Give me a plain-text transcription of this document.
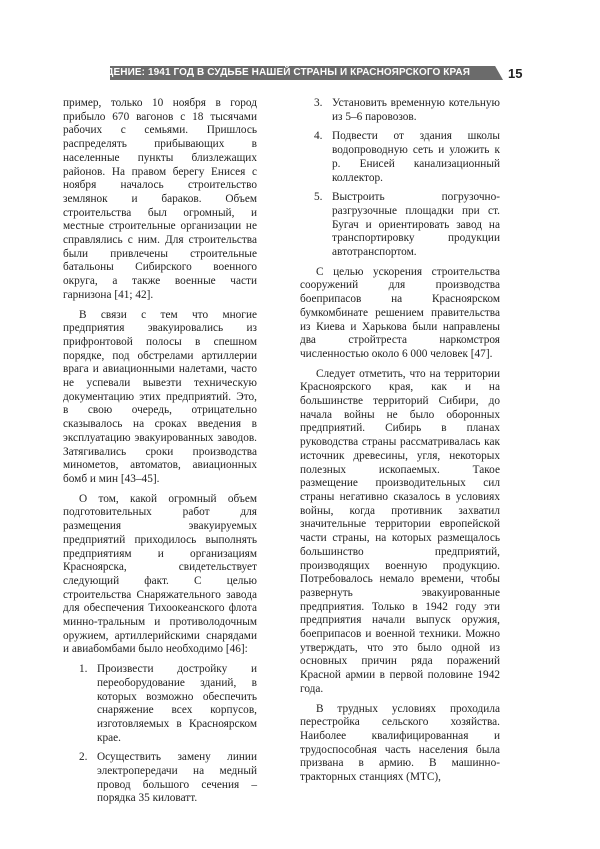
ВВЕДЕНИЕ: 1941 ГОД В СУДЬБЕ НАШЕЙ СТРАНЫ И КРАСНОЯРСКОГО КРАЯ	15

пример, только 10 ноября в город прибыло 670 вагонов с 18 тысячами рабочих с семьями. Пришлось распределять прибывающих в населенные пункты близлежащих районов. На правом берегу Енисея с ноября началось строительство землянок и бараков. Объем строительства был огромный, и местные строительные организации не справлялись с ним. Для строительства были привлечены строительные батальоны Сибирского военного округа, а также военные части гарнизона [41; 42].

В связи с тем что многие предприятия эвакуировались из прифронтовой полосы в спешном порядке, под обстрелами артиллерии врага и авиационными налетами, часто не успевали вывезти техническую документацию этих предприятий. Это, в свою очередь, отрицательно сказывалось на сроках введения в эксплуатацию эвакуированных заводов. Затягивались сроки производства минометов, автоматов, авиационных бомб и мин [43–45].

О том, какой огромный объем подготовительных работ для размещения эвакуируемых предприятий приходилось выполнять предприятиям и организациям Красноярска, свидетельствует следующий факт. С целью строительства Снаряжательного завода для обеспечения Тихоокеанского флота минно-тральным и противолодочным оружием, артиллерийскими снарядами и авиабомбами было необходимо [46]:

1. Произвести достройку и переоборудование зданий, в которых возможно обеспечить снаряжение всех корпусов, изготовляемых в Красноярском крае.
2. Осуществить замену линии электропередачи на медный провод большого сечения – порядка 35 киловатт.
3. Установить временную котельную из 5–6 паровозов.
4. Подвести от здания школы водопроводную сеть и уложить к р. Енисей канализационный коллектор.
5. Выстроить погрузочно-разгрузочные площадки при ст. Бугач и ориентировать завод на транспортировку продукции автотранспортом.

С целью ускорения строительства сооружений для производства боеприпасов на Красноярском бумкомбинате решением правительства из Киева и Харькова были направлены два стройтреста наркомстроя численностью около 6 000 человек [47].

Следует отметить, что на территории Красноярского края, как и на большинстве территорий Сибири, до начала войны не было оборонных предприятий. Сибирь в планах руководства страны рассматривалась как источник древесины, угля, некоторых полезных ископаемых. Такое размещение производительных сил страны негативно сказалось в условиях войны, когда противник захватил значительные территории европейской части страны, на которых размещалось большинство предприятий, производящих военную продукцию. Потребовалось немало времени, чтобы развернуть эвакуированные предприятия. Только в 1942 году эти предприятия начали выпуск оружия, боеприпасов и военной техники. Можно утверждать, что это было одной из основных причин ряда поражений Красной армии в первой половине 1942 года.

В трудных условиях проходила перестройка сельского хозяйства. Наиболее квалифицированная и трудоспособная часть населения была призвана в армию. В машинно-тракторных станциях (МТС),
